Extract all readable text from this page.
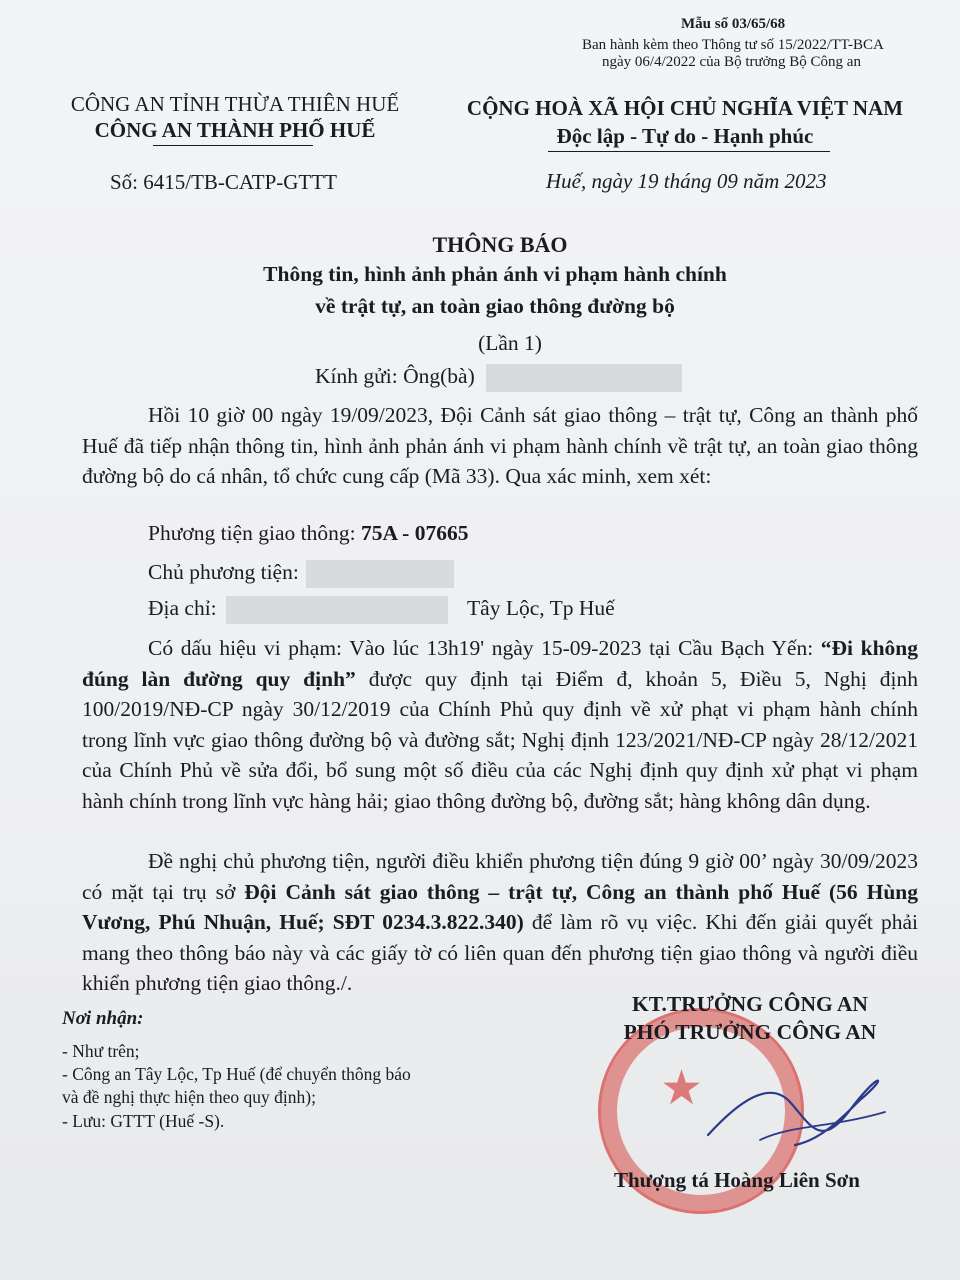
Mẫu số 03/65/68
Ban hành kèm theo Thông tư số 15/2022/TT-BCA
ngày 06/4/2022 của Bộ trưởng Bộ Công an
CÔNG AN TỈNH THỪA THIÊN HUẾ
CÔNG AN THÀNH PHỐ HUẾ
Số: 6415/TB-CATP-GTTT
CỘNG HOÀ XÃ HỘI CHỦ NGHĨA VIỆT NAM
Độc lập - Tự do - Hạnh phúc
Huế, ngày 19 tháng 09 năm 2023
THÔNG BÁO
Thông tin, hình ảnh phản ánh vi phạm hành chính
về trật tự, an toàn giao thông đường bộ
(Lần 1)
Kính gửi: Ông(bà)
Hồi 10 giờ 00 ngày 19/09/2023, Đội Cảnh sát giao thông – trật tự, Công an thành phố Huế đã tiếp nhận thông tin, hình ảnh phản ánh vi phạm hành chính về trật tự, an toàn giao thông đường bộ do cá nhân, tổ chức cung cấp (Mã 33). Qua xác minh, xem xét:
Phương tiện giao thông: 75A - 07665
Chủ phương tiện:
Địa chỉ:	Tây Lộc, Tp Huế
Có dấu hiệu vi phạm: Vào lúc 13h19' ngày 15-09-2023 tại Cầu Bạch Yến: “Đi không đúng làn đường quy định” được quy định tại Điểm đ, khoản 5, Điều 5, Nghị định 100/2019/NĐ-CP ngày 30/12/2019 của Chính Phủ quy định về xử phạt vi phạm hành chính trong lĩnh vực giao thông đường bộ và đường sắt; Nghị định 123/2021/NĐ-CP ngày 28/12/2021 của Chính Phủ về sửa đổi, bổ sung một số điều của các Nghị định quy định xử phạt vi phạm hành chính trong lĩnh vực hàng hải; giao thông đường bộ, đường sắt; hàng không dân dụng.
Đề nghị chủ phương tiện, người điều khiển phương tiện đúng 9 giờ 00’ ngày 30/09/2023 có mặt tại trụ sở Đội Cảnh sát giao thông – trật tự, Công an thành phố Huế (56 Hùng Vương, Phú Nhuận, Huế; SĐT 0234.3.822.340) để làm rõ vụ việc. Khi đến giải quyết phải mang theo thông báo này và các giấy tờ có liên quan đến phương tiện giao thông và người điều khiển phương tiện giao thông./.
Nơi nhận:
- Như trên;
- Công an Tây Lộc, Tp Huế (để chuyển thông báo
và đề nghị thực hiện theo quy định);
- Lưu: GTTT (Huế -S).
★
KT.TRƯỞNG CÔNG AN
PHÓ TRƯỞNG CÔNG AN
Thượng tá Hoàng Liên Sơn
